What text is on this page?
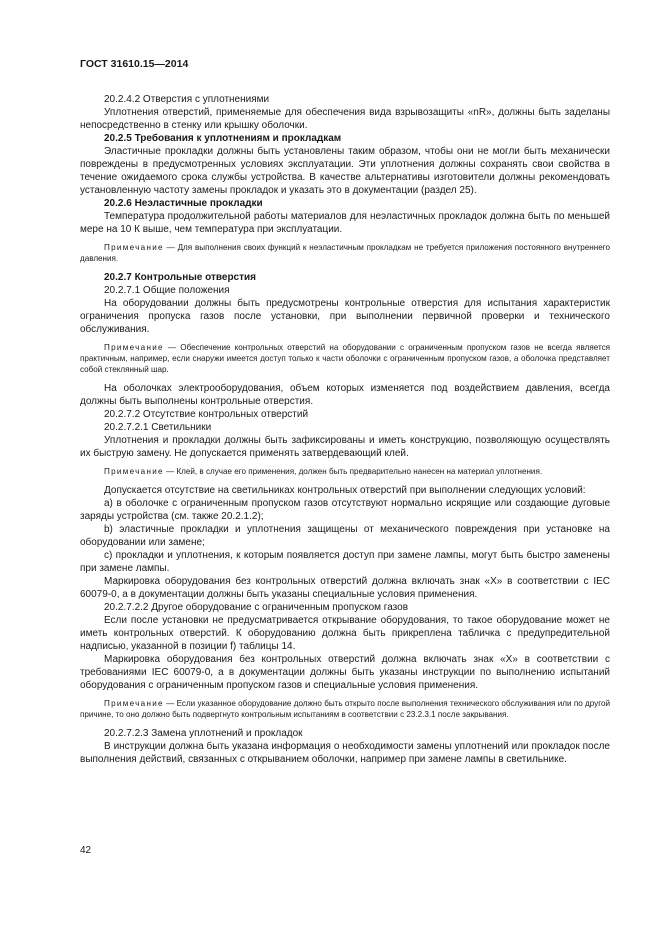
ГОСТ 31610.15—2014

20.2.4.2 Отверстия с уплотнениями

Уплотнения отверстий, применяемые для обеспечения вида взрывозащиты «nR», должны быть заделаны непосредственно в стенку или крышку оболочки.

20.2.5 Требования к уплотнениям и прокладкам

Эластичные прокладки должны быть установлены таким образом, чтобы они не могли быть механически повреждены в предусмотренных условиях эксплуатации. Эти уплотнения должны сохранять свои свойства в течение ожидаемого срока службы устройства. В качестве альтернативы изготовители должны рекомендовать установленную частоту замены прокладок и указать это в документации (раздел 25).

20.2.6 Неэластичные прокладки

Температура продолжительной работы материалов для неэластичных прокладок должна быть по меньшей мере на 10 К выше, чем температура при эксплуатации.

Примечание — Для выполнения своих функций к неэластичным прокладкам не требуется приложения постоянного внутреннего давления.

20.2.7 Контрольные отверстия

20.2.7.1 Общие положения

На оборудовании должны быть предусмотрены контрольные отверстия для испытания характеристик ограничения пропуска газов после установки, при выполнении первичной проверки и технического обслуживания.

Примечание — Обеспечение контрольных отверстий на оборудовании с ограниченным пропуском газов не всегда является практичным, например, если снаружи имеется доступ только к части оболочки с ограниченным пропуском газов, а оболочка представляет собой стеклянный шар.

На оболочках электрооборудования, объем которых изменяется под воздействием давления, всегда должны быть выполнены контрольные отверстия.

20.2.7.2 Отсутствие контрольных отверстий

20.2.7.2.1 Светильники

Уплотнения и прокладки должны быть зафиксированы и иметь конструкцию, позволяющую осуществлять их быструю замену. Не допускается применять затвердевающий клей.

Примечание — Клей, в случае его применения, должен быть предварительно нанесен на материал уплотнения.

Допускается отсутствие на светильниках контрольных отверстий при выполнении следующих условий:

a) в оболочке с ограниченным пропуском газов отсутствуют нормально искрящие или создающие дуговые заряды устройства (см. также 20.2.1.2);

b) эластичные прокладки и уплотнения защищены от механического повреждения при установке на оборудовании или замене;

c) прокладки и уплотнения, к которым появляется доступ при замене лампы, могут быть быстро заменены при замене лампы.

Маркировка оборудования без контрольных отверстий должна включать знак «X» в соответствии с IEC 60079-0, а в документации должны быть указаны специальные условия применения.

20.2.7.2.2 Другое оборудование с ограниченным пропуском газов

Если после установки не предусматривается открывание оборудования, то такое оборудование может не иметь контрольных отверстий. К оборудованию должна быть прикреплена табличка с предупредительной надписью, указанной в позиции f) таблицы 14.

Маркировка оборудования без контрольных отверстий должна включать знак «X» в соответствии с требованиями IEC 60079-0, а в документации должны быть указаны инструкции по выполнению испытаний оборудования с ограниченным пропуском газов и специальные условия применения.

Примечание — Если указанное оборудование должно быть открыто после выполнения технического обслуживания или по другой причине, то оно должно быть подвергнуто контрольным испытаниям в соответствии с 23.2.3.1 после закрывания.

20.2.7.2.3 Замена уплотнений и прокладок

В инструкции должна быть указана информация о необходимости замены уплотнений или прокладок после выполнения действий, связанных с открыванием оболочки, например при замене лампы в светильнике.

42
